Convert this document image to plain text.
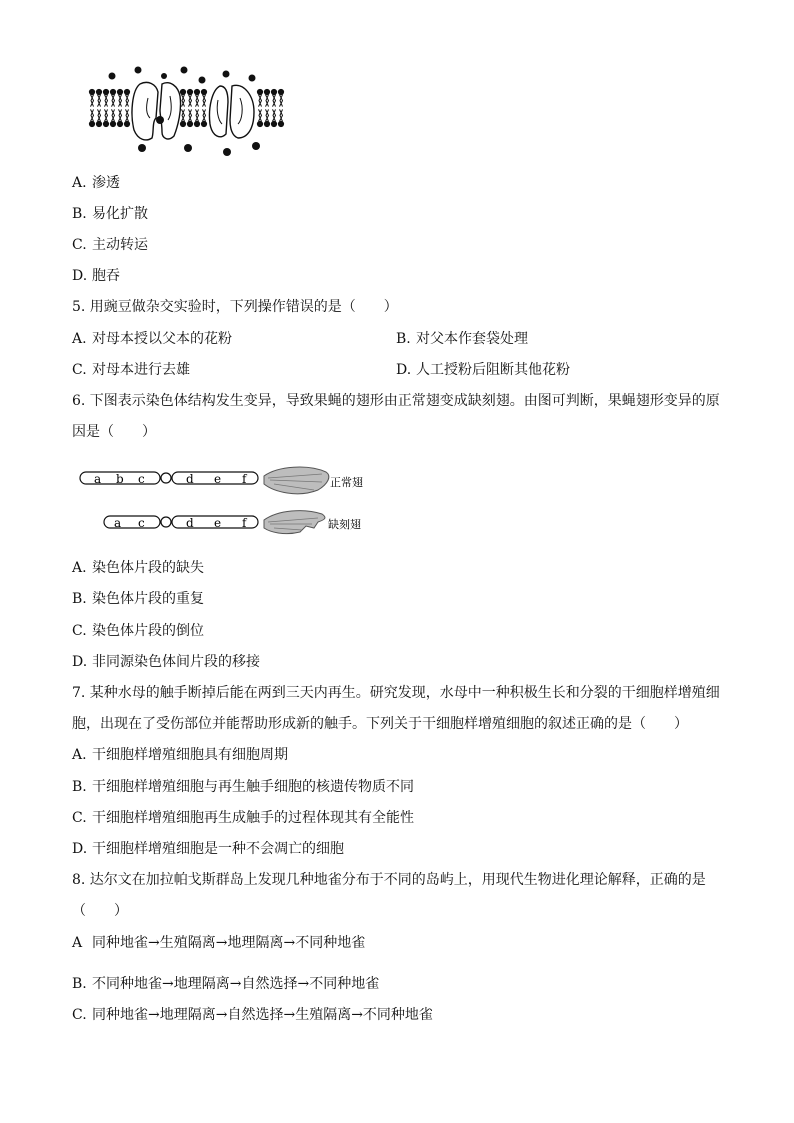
A. 渗透
B. 易化扩散
C. 主动转运
D. 胞吞
5. 用豌豆做杂交实验时，下列操作错误的是（　　）
A. 对母本授以父本的花粉	B. 对父本作套袋处理
C. 对母本进行去雄	D. 人工授粉后阻断其他花粉
6. 下图表示染色体结构发生变异，导致果蝇的翅形由正常翅变成缺刻翅。由图可判断，果蝇翅形变异的原
因是（　　）
a b c	d e f	正常翅
a c	d e f	缺刻翅
A. 染色体片段的缺失
B. 染色体片段的重复
C. 染色体片段的倒位
D. 非同源染色体间片段的移接
7. 某种水母的触手断掉后能在两到三天内再生。研究发现，水母中一种积极生长和分裂的干细胞样增殖细
胞，出现在了受伤部位并能帮助形成新的触手。下列关于干细胞样增殖细胞的叙述正确的是（　　）
A. 干细胞样增殖细胞具有细胞周期
B. 干细胞样增殖细胞与再生触手细胞的核遗传物质不同
C. 干细胞样增殖细胞再生成触手的过程体现其有全能性
D. 干细胞样增殖细胞是一种不会凋亡的细胞
8. 达尔文在加拉帕戈斯群岛上发现几种地雀分布于不同的岛屿上，用现代生物进化理论解释，正确的是
（　　）
A 同种地雀→生殖隔离→地理隔离→不同种地雀
B. 不同种地雀→地理隔离→自然选择→不同种地雀
C. 同种地雀→地理隔离→自然选择→生殖隔离→不同种地雀
